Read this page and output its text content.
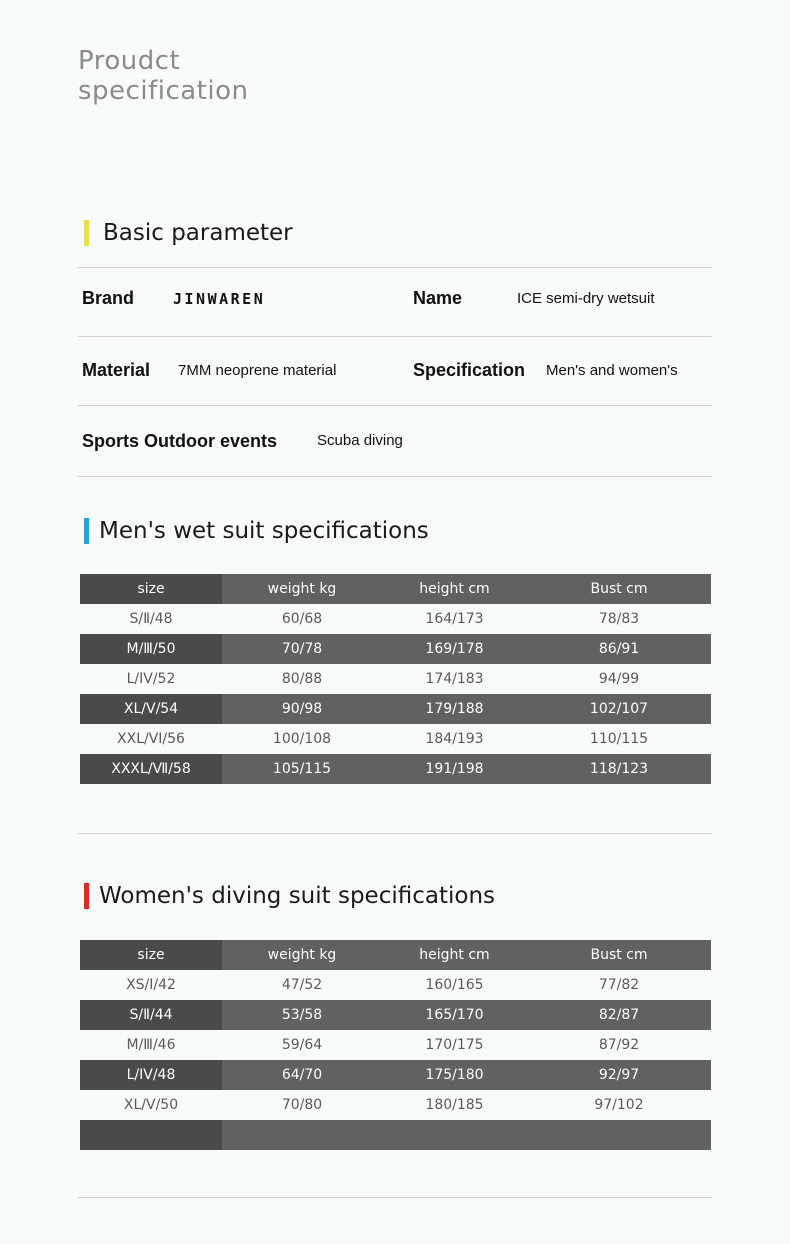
Proudct
specification
Basic parameter
Brand	JINWAREN	Name	ICE semi-dry wetsuit
Material 7MM neoprene material	Specification Men's and women's
Sports Outdoor events	Scuba diving
Men's wet suit specifications
size	weight kg	height cm	Bust cm
S/Ⅱ/48	60/68	164/173	78/83
M/Ⅲ/50	70/78	169/178	86/91
L/IV/52	80/88	174/183	94/99
XL/Ⅴ/54	90/98	179/188	102/107
XXL/VI/56	100/108	184/193	110/115
XXXL/Ⅶ/58	105/115	191/198	118/123
Women's diving suit specifications
size	weight kg	height cm	Bust cm
XS/Ⅰ/42	47/52	160/165	77/82
S/Ⅱ/44	53/58	165/170	82/87
M/Ⅲ/46	59/64	170/175	87/92
L/IV/48	64/70	175/180	92/97
XL/Ⅴ/50	70/80	180/185	97/102
